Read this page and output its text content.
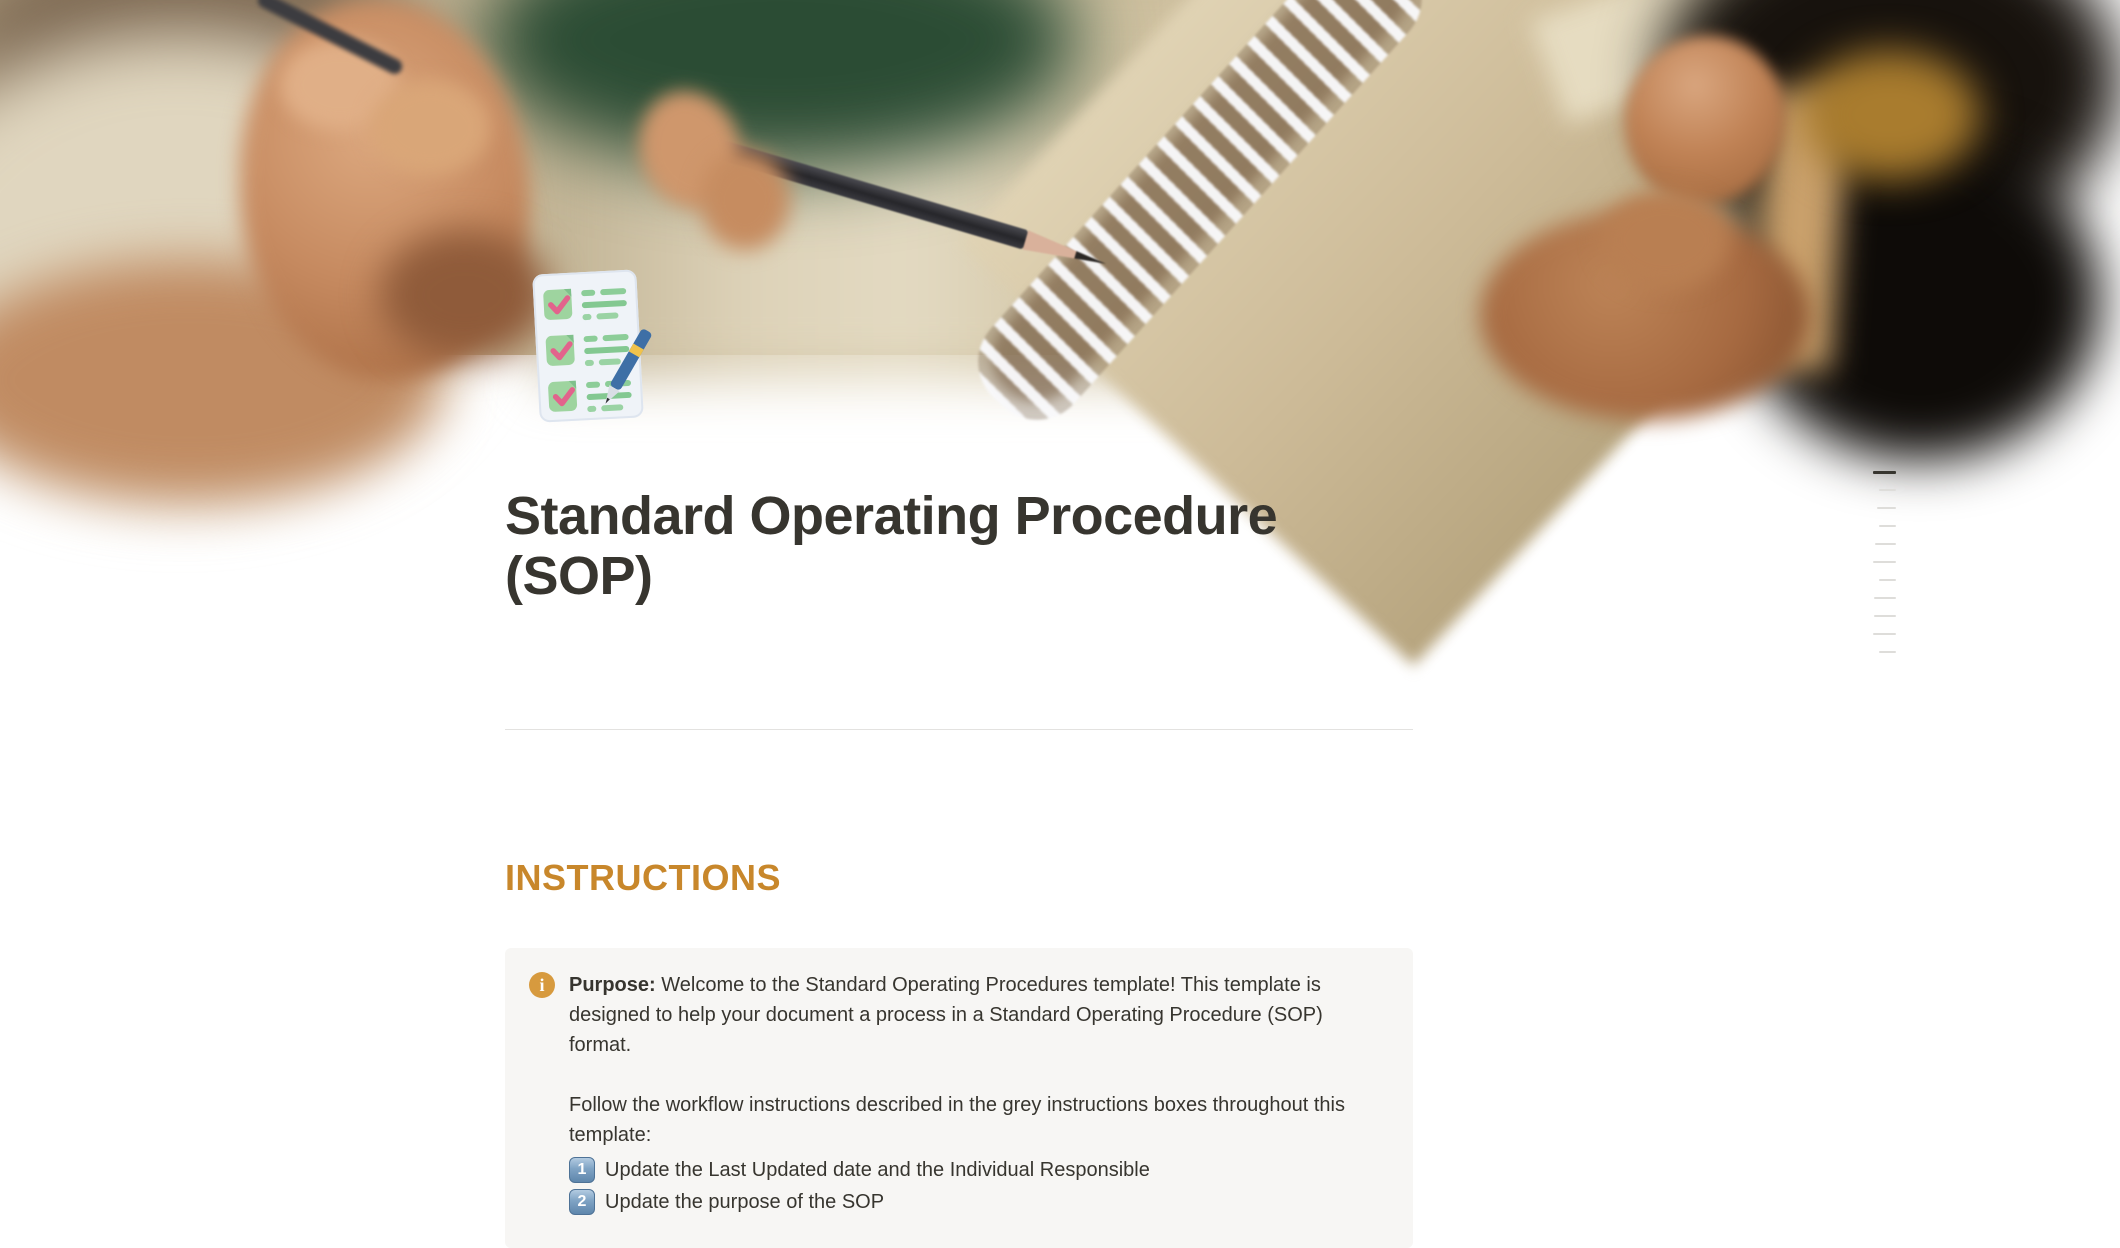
Standard Operating Procedure (SOP)
INSTRUCTIONS
i	Purpose: Welcome to the Standard Operating Procedures template! This template is designed to help your document a process in a Standard Operating Procedure (SOP) format.

Follow the workflow instructions described in the grey instructions boxes throughout this template:

1 Update the Last Updated date and the Individual Responsible
2 Update the purpose of the SOP
